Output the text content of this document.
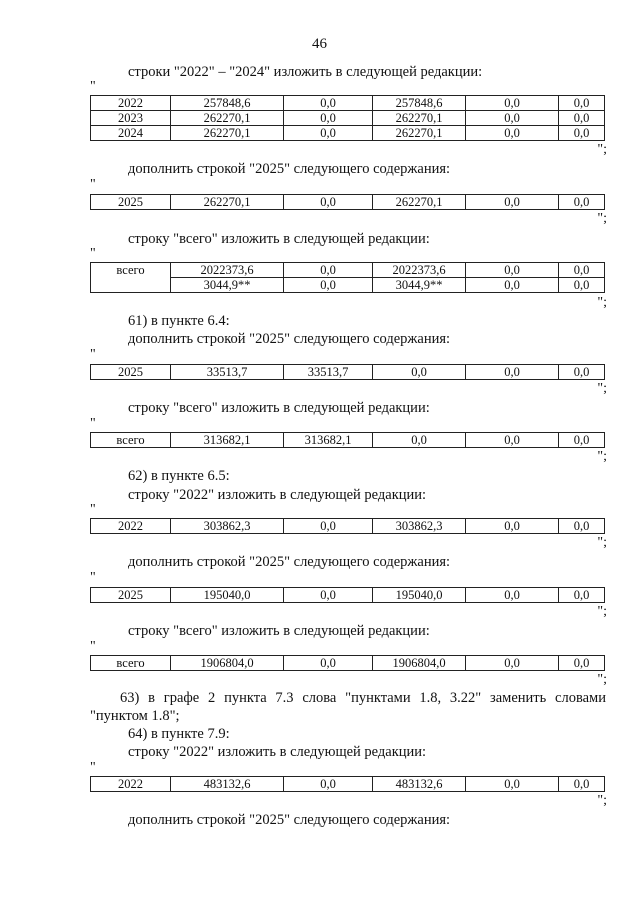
46
строки "2022" – "2024" изложить в следующей редакции:
"
2022	257848,6	0,0	257848,6	0,0	0,0
2023	262270,1	0,0	262270,1	0,0	0,0
2024	262270,1	0,0	262270,1	0,0	0,0
";
дополнить строкой "2025" следующего содержания:
"
2025	262270,1	0,0	262270,1	0,0	0,0
";
строку "всего" изложить в следующей редакции:
"
всего	2022373,6	0,0	2022373,6	0,0	0,0
	3044,9**	0,0	3044,9**	0,0	0,0
";
61) в пункте 6.4:
дополнить строкой "2025" следующего содержания:
"
2025	33513,7	33513,7	0,0	0,0	0,0
";
строку "всего" изложить в следующей редакции:
"
всего	313682,1	313682,1	0,0	0,0	0,0
";
62) в пункте 6.5:
строку "2022" изложить в следующей редакции:
"
2022	303862,3	0,0	303862,3	0,0	0,0
";
дополнить строкой "2025" следующего содержания:
"
2025	195040,0	0,0	195040,0	0,0	0,0
";
строку "всего" изложить в следующей редакции:
"
всего	1906804,0	0,0	1906804,0	0,0	0,0
";
63) в графе 2 пункта 7.3 слова "пунктами 1.8, 3.22" заменить словами "пунктом 1.8";
64) в пункте 7.9:
строку "2022" изложить в следующей редакции:
"
2022	483132,6	0,0	483132,6	0,0	0,0
";
дополнить строкой "2025" следующего содержания:
